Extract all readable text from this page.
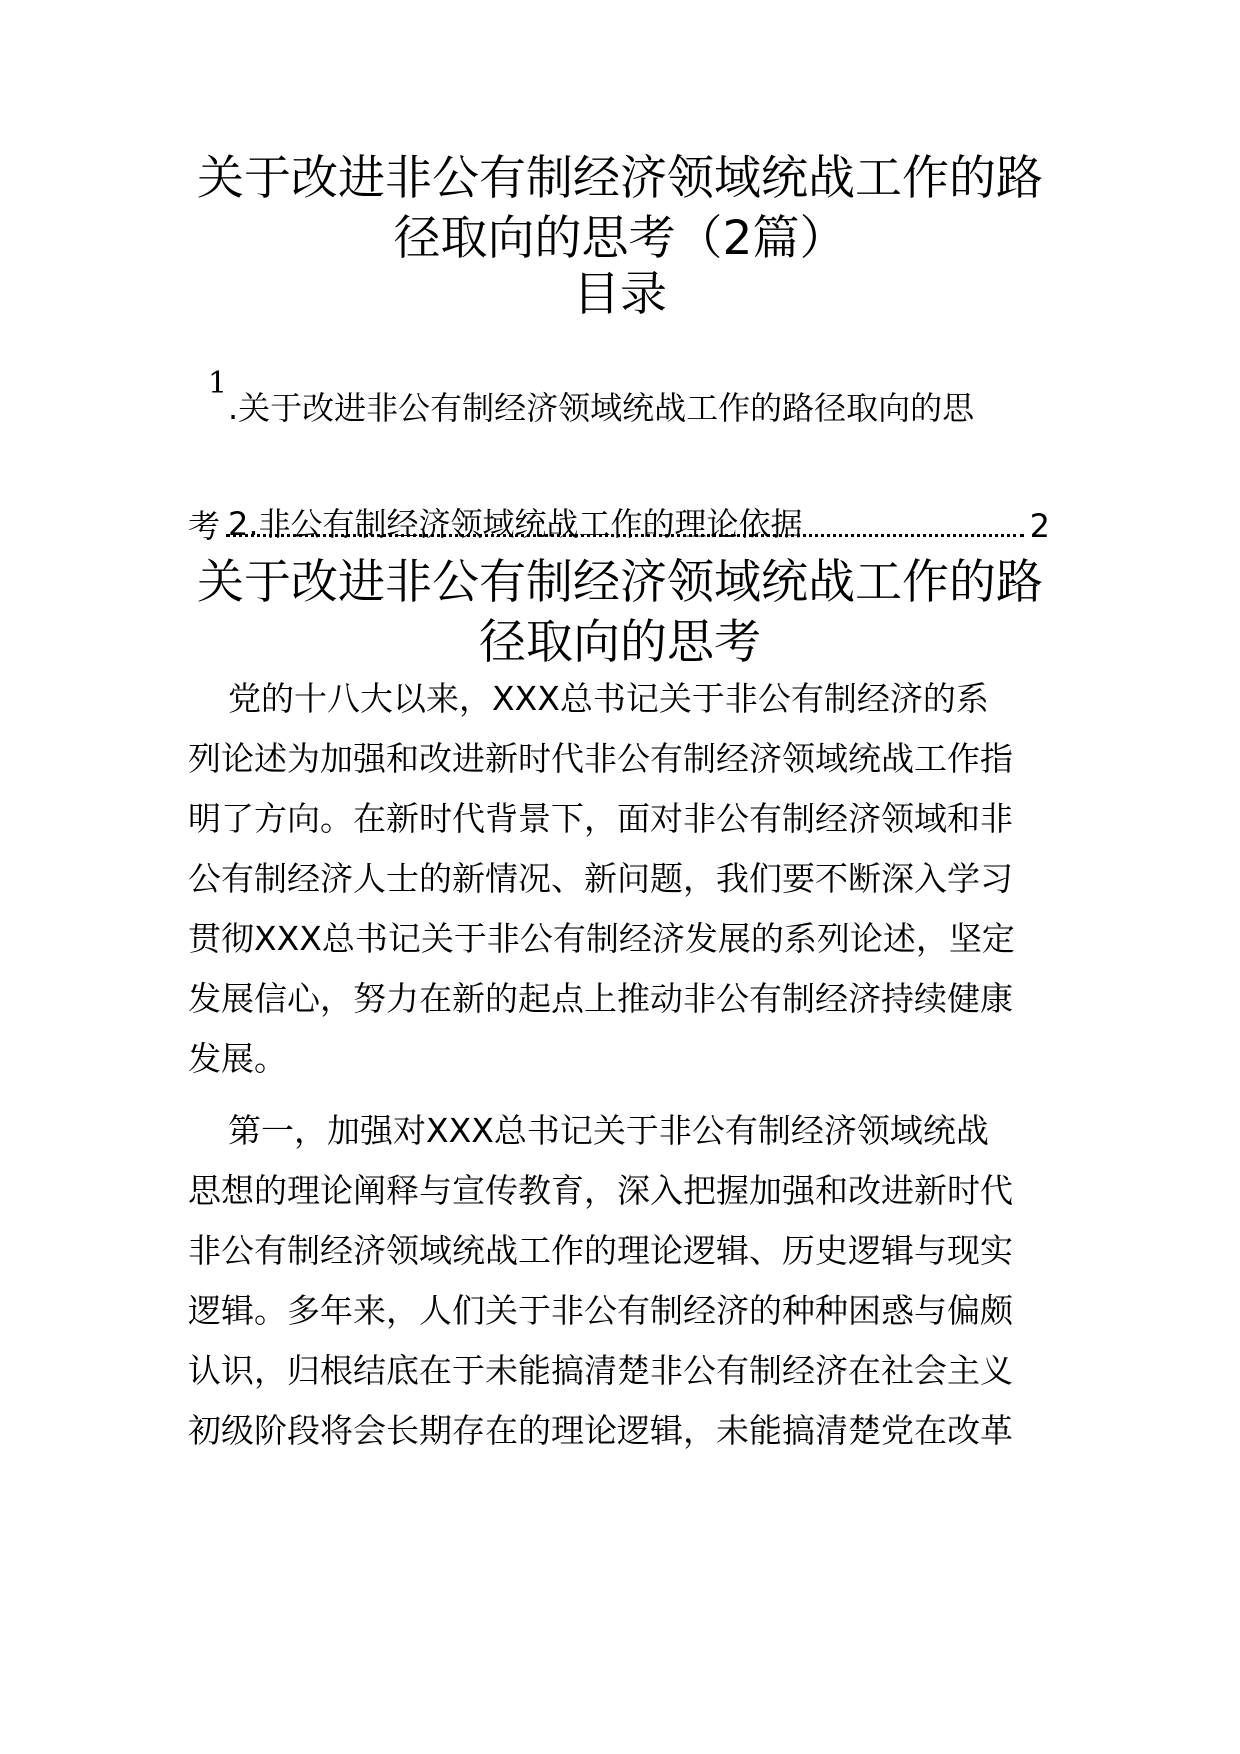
关于改进非公有制经济领域统战工作的路
径取向的思考（2篇）
目录
1
.关于改进非公有制经济领域统战工作的路径取向的思
考	2
2.非公有制经济领域统战工作的理论依据
关于改进非公有制经济领域统战工作的路
径取向的思考
党的十八大以来，XXX总书记关于非公有制经济的系
列论述为加强和改进新时代非公有制经济领域统战工作指
明了方向。在新时代背景下，面对非公有制经济领域和非
公有制经济人士的新情况、新问题，我们要不断深入学习
贯彻XXX总书记关于非公有制经济发展的系列论述，坚定
发展信心，努力在新的起点上推动非公有制经济持续健康
发展。
第一，加强对XXX总书记关于非公有制经济领域统战
思想的理论阐释与宣传教育，深入把握加强和改进新时代
非公有制经济领域统战工作的理论逻辑、历史逻辑与现实
逻辑。多年来，人们关于非公有制经济的种种困惑与偏颇
认识，归根结底在于未能搞清楚非公有制经济在社会主义
初级阶段将会长期存在的理论逻辑，未能搞清楚党在改革
